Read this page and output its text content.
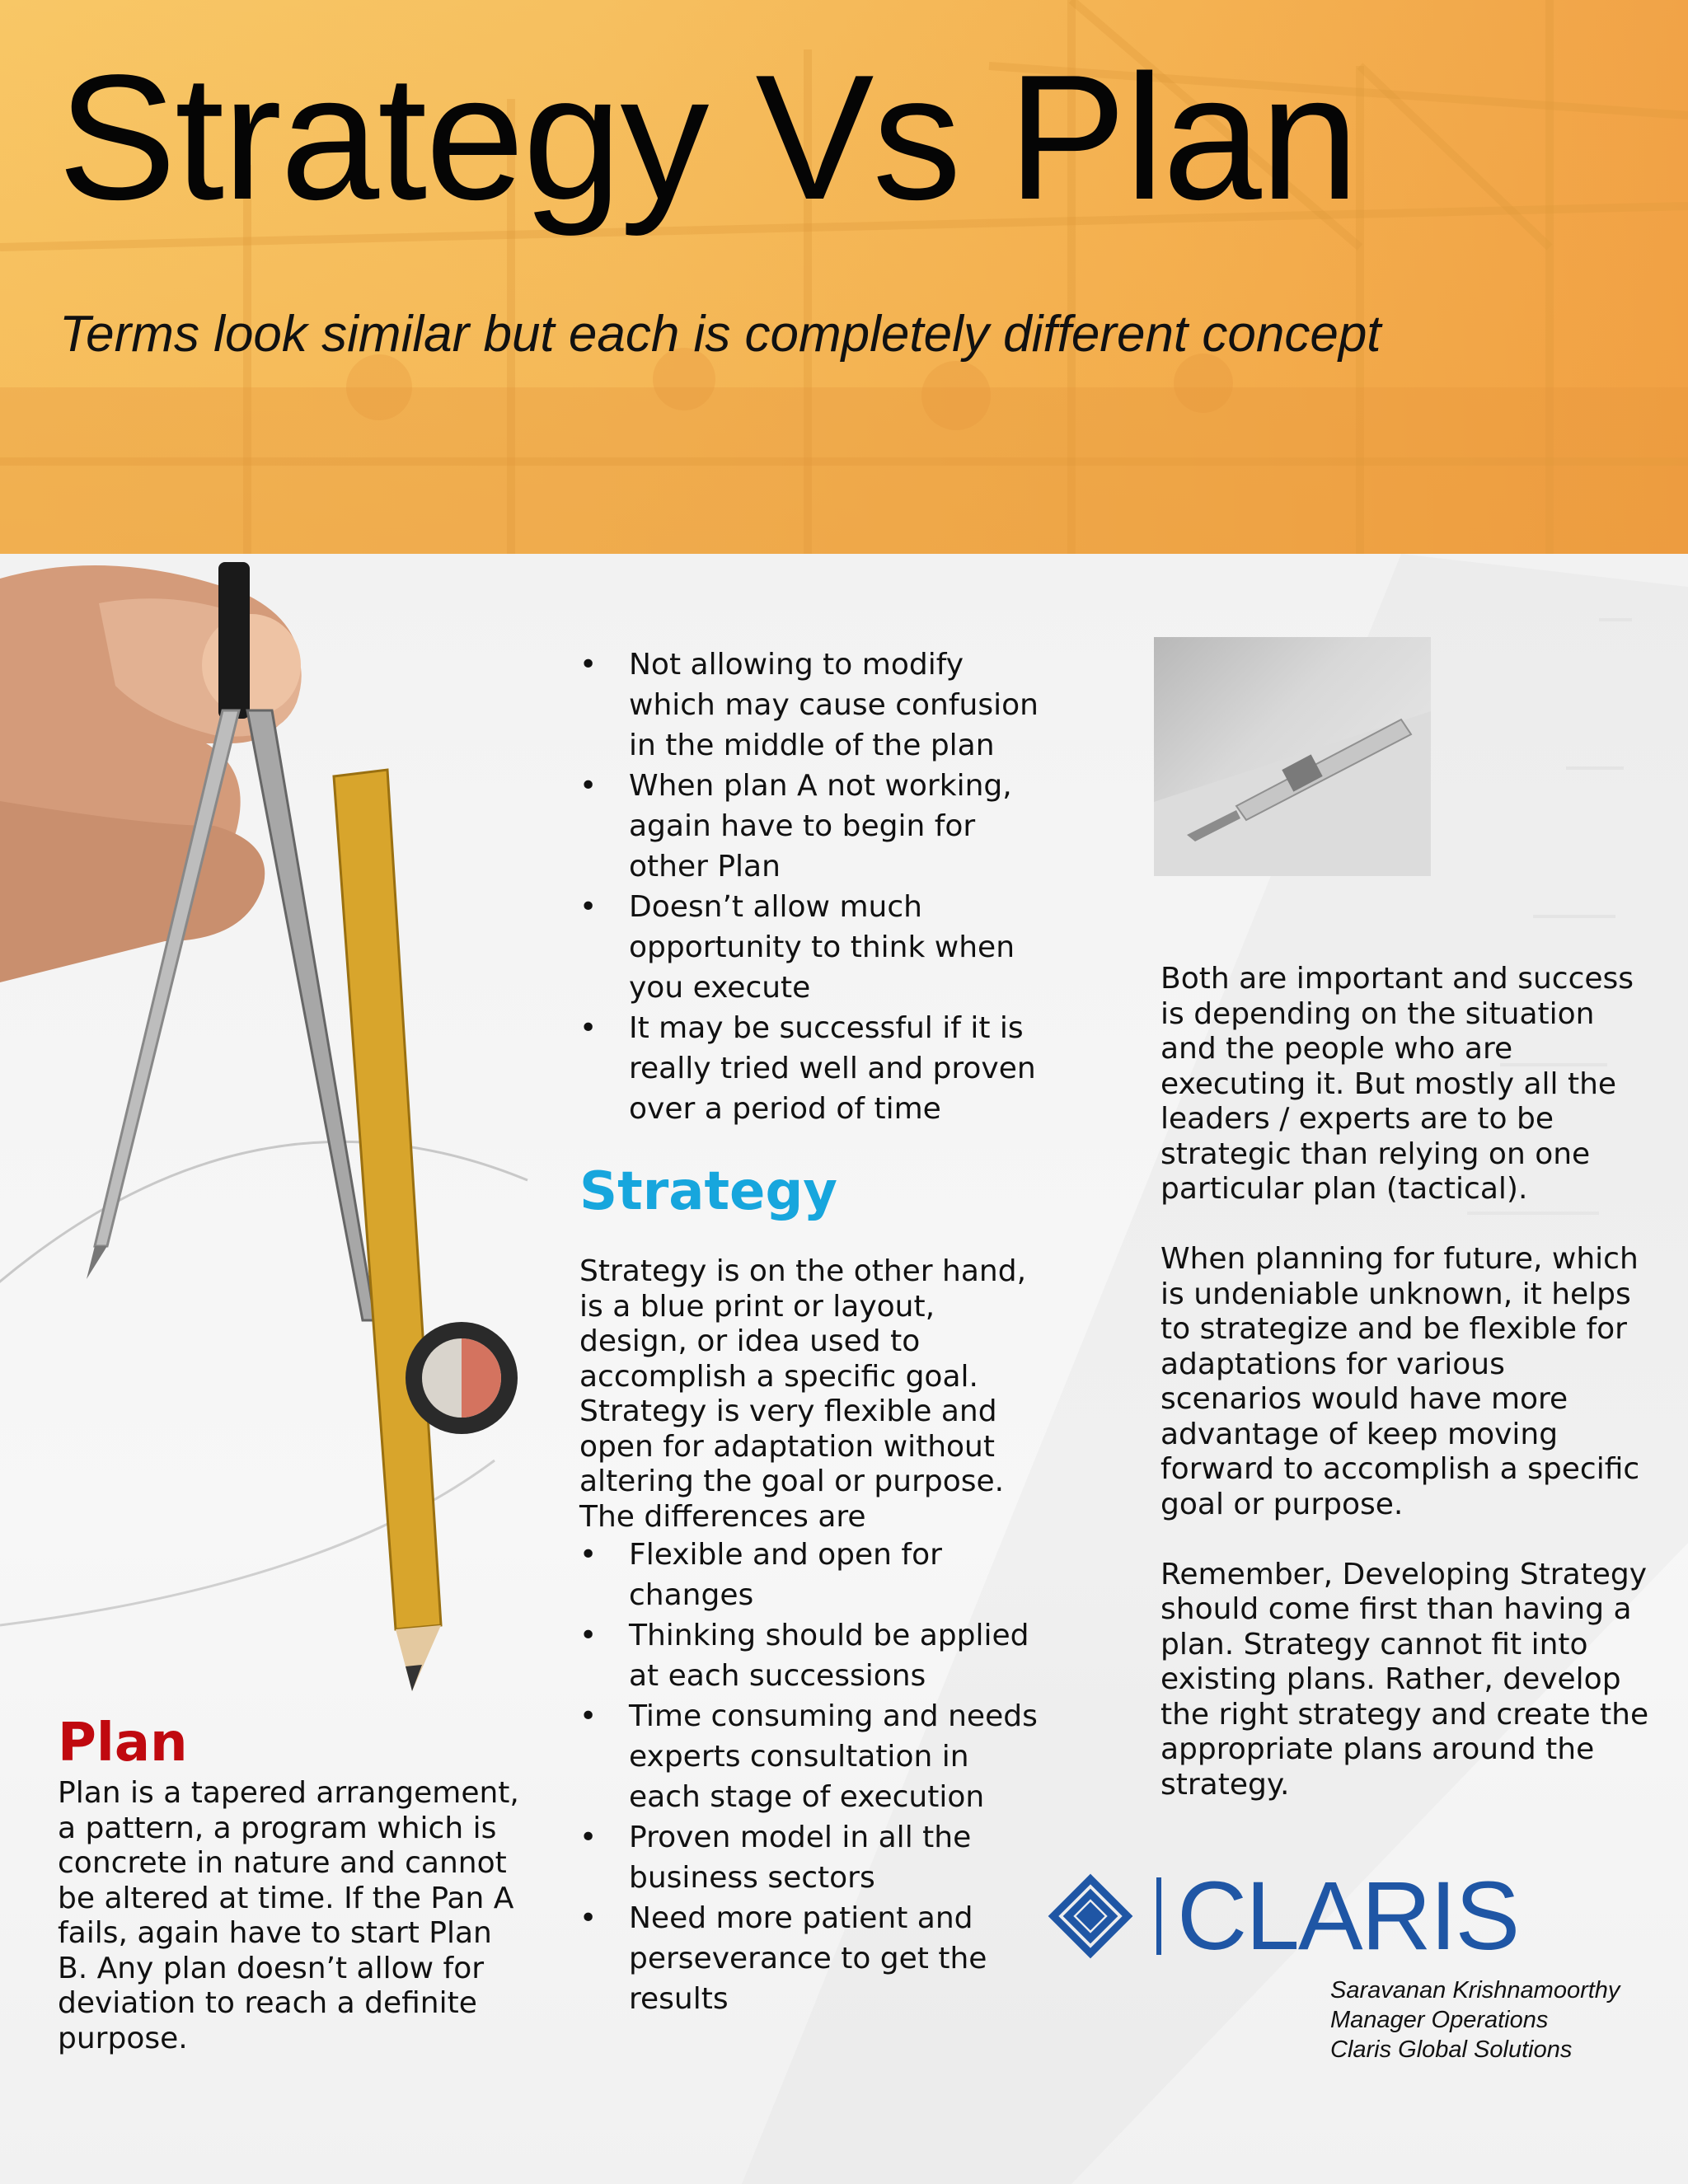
Strategy Vs Plan
Terms look similar but each is completely different concept
• Not allowing to modify which may cause confusion in the middle of the plan
• When plan A not working, again have to begin for other Plan
• Doesn’t allow much opportunity to think when you execute
• It may be successful if it is really tried well and proven over a period of time
Strategy
Strategy is on the other hand, is a blue print or layout, design, or idea used to accomplish a specific goal. Strategy is very flexible and open for adaptation without altering the goal or purpose. The differences are
• Flexible and open for changes
• Thinking should be applied at each successions
• Time consuming and needs experts consultation in each stage of execution
• Proven model in all the business sectors
• Need more patient and perseverance to get the results

Both are important and success is depending on the situation and the people who are executing it. But mostly all the leaders / experts are to be strategic than relying on one particular plan (tactical).

When planning for future, which is undeniable unknown, it helps to strategize and be flexible for adaptations for various scenarios would have more advantage of keep moving forward to accomplish a specific goal or purpose.

Remember, Developing Strategy should come first than having a plan. Strategy cannot fit into existing plans. Rather, develop the right strategy and create the appropriate plans around the strategy.

Plan
Plan is a tapered arrangement, a pattern, a program which is concrete in nature and cannot be altered at time. If the Pan A fails, again have to start Plan B. Any plan doesn’t allow for deviation to reach a definite purpose.
CLARIS
Saravanan Krishnamoorthy
Manager Operations
Claris Global Solutions
